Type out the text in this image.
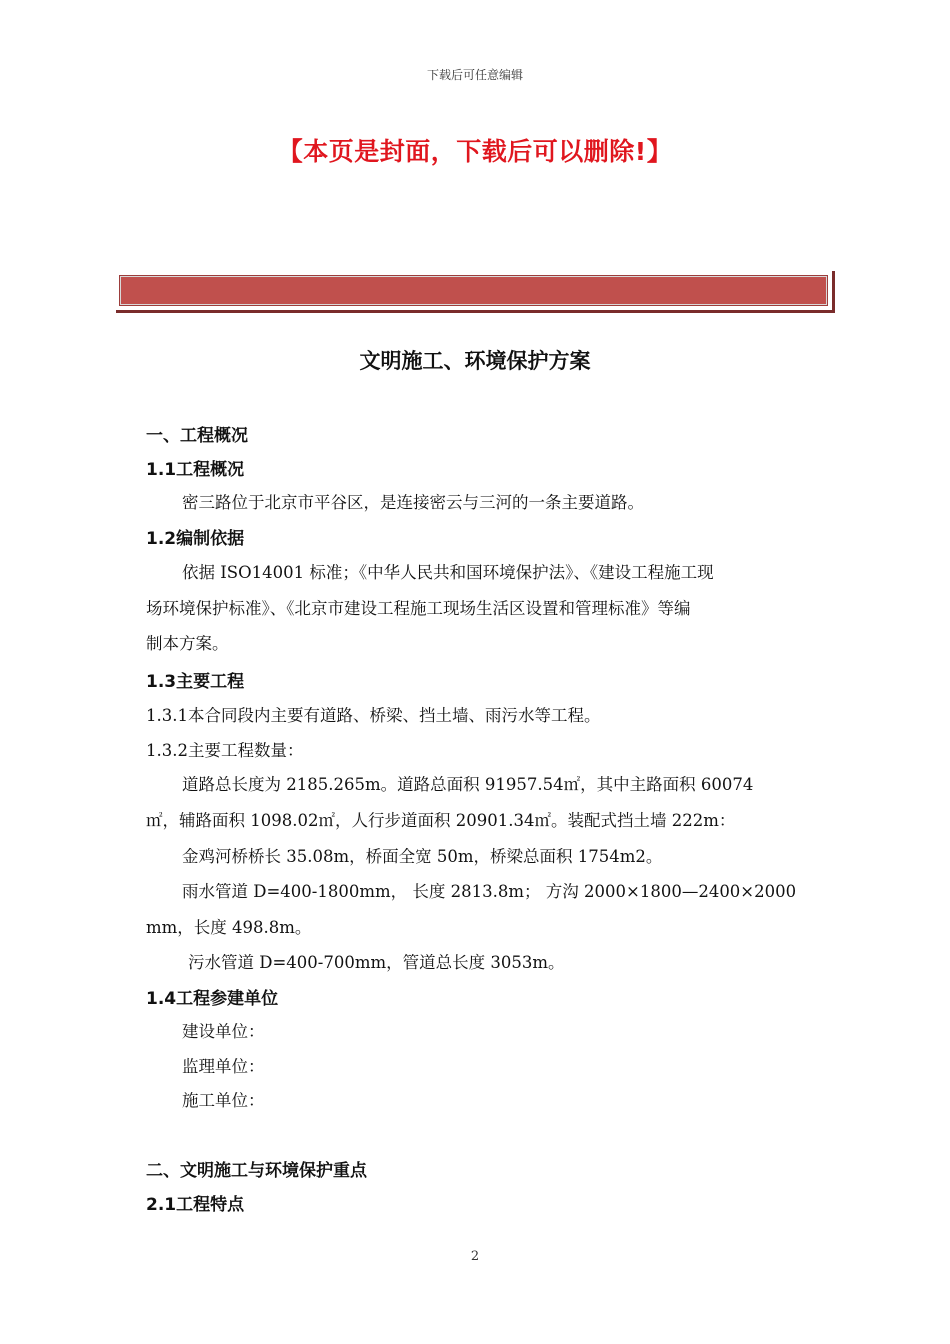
下载后可任意编辑
【本页是封面，下载后可以删除!】
文明施工、环境保护方案
一、工程概况
1.1工程概况
密三路位于北京市平谷区，是连接密云与三河的一条主要道路。
1.2编制依据
依据 ISO14001 标准；《中华人民共和国环境保护法》、《建设工程施工现
场环境保护标准》、《北京市建设工程施工现场生活区设置和管理标准》等编
制本方案。
1.3主要工程
1.3.1本合同段内主要有道路、桥梁、挡土墙、雨污水等工程。
1.3.2主要工程数量：
道路总长度为 2185.265m。道路总面积 91957.54㎡，其中主路面积 60074
㎡，辅路面积 1098.02㎡，人行步道面积 20901.34㎡。装配式挡土墙 222m：
金鸡河桥桥长 35.08m，桥面全宽 50m，桥梁总面积 1754m2。
雨水管道 D=400-1800mm， 长度 2813.8m； 方沟 2000×1800—2400×2000
mm，长度 498.8m。
污水管道 D=400-700mm，管道总长度 3053m。
1.4工程参建单位
建设单位：
监理单位：
施工单位：
二、文明施工与环境保护重点
2.1工程特点
2
